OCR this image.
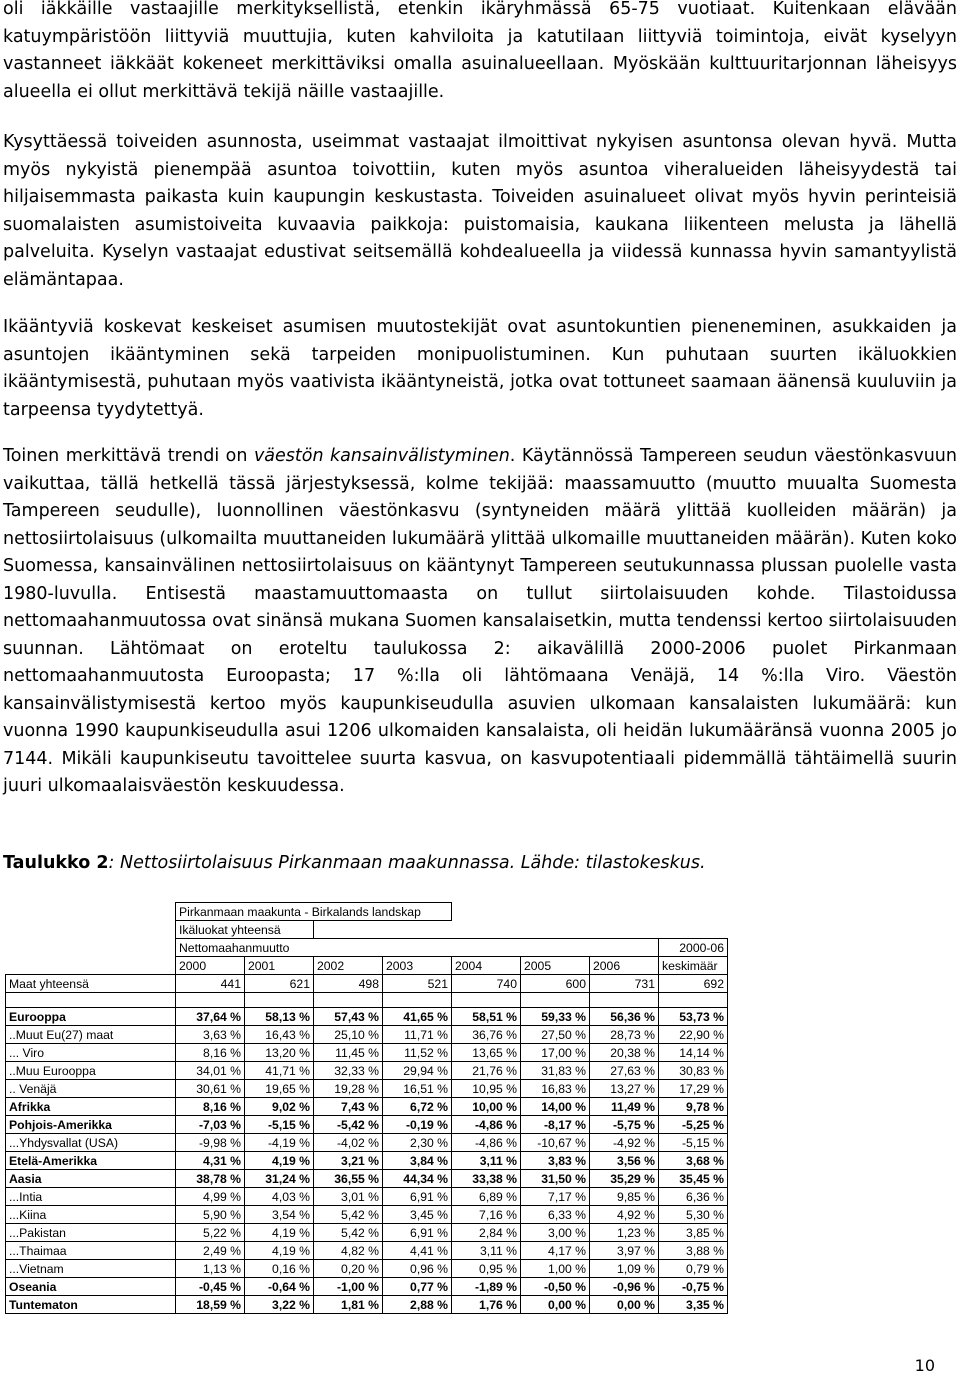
oli iäkkäille vastaajille merkityksellistä, etenkin ikäryhmässä 65-75 vuotiaat. Kuitenkaan elävään katuympäristöön liittyviä muuttujia, kuten kahviloita ja katutilaan liittyviä toimintoja, eivät kyselyyn vastanneet iäkkäät kokeneet merkittäviksi omalla asuinalueellaan. Myöskään kulttuuritarjonnan läheisyys alueella ei ollut merkittävä tekijä näille vastaajille.

Kysyttäessä toiveiden asunnosta, useimmat vastaajat ilmoittivat nykyisen asuntonsa olevan hyvä. Mutta myös nykyistä pienempää asuntoa toivottiin, kuten myös asuntoa viheralueiden läheisyydestä tai hiljaisemmasta paikasta kuin kaupungin keskustasta. Toiveiden asuinalueet olivat myös hyvin perinteisiä suomalaisten asumistoiveita kuvaavia paikkoja: puistomaisia, kaukana liikenteen melusta ja lähellä palveluita. Kyselyn vastaajat edustivat seitsemällä kohdealueella ja viidessä kunnassa hyvin samantyylistä elämäntapaa.

Ikääntyviä koskevat keskeiset asumisen muutostekijät ovat asuntokuntien pieneneminen, asukkaiden ja asuntojen ikääntyminen sekä tarpeiden monipuolistuminen. Kun puhutaan suurten ikäluokkien ikääntymisestä, puhutaan myös vaativista ikääntyneistä, jotka ovat tottuneet saamaan äänensä kuuluviin ja tarpeensa tyydytettyä.

Toinen merkittävä trendi on väestön kansainvälistyminen. Käytännössä Tampereen seudun väestönkasvuun vaikuttaa, tällä hetkellä tässä järjestyksessä, kolme tekijää: maassamuutto (muutto muualta Suomesta Tampereen seudulle), luonnollinen väestönkasvu (syntyneiden määrä ylittää kuolleiden määrän) ja nettosiirtolaisuus (ulkomailta muuttaneiden lukumäärä ylittää ulkomaille muuttaneiden määrän). Kuten koko Suomessa, kansainvälinen nettosiirtolaisuus on kääntynyt Tampereen seutukunnassa plussan puolelle vasta 1980-luvulla. Entisestä maastamuuttomaasta on tullut siirtolaisuuden kohde. Tilastoidussa nettomaahanmuutossa ovat sinänsä mukana Suomen kansalaisetkin, mutta tendenssi kertoo siirtolaisuuden suunnan. Lähtömaat on eroteltu taulukossa 2: aikavälillä 2000-2006 puolet Pirkanmaan nettomaahanmuutosta Euroopasta; 17 %:lla oli lähtömaana Venäjä, 14 %:lla Viro. Väestön kansainvälistymisestä kertoo myös kaupunkiseudulla asuvien ulkomaan kansalaisten lukumäärä: kun vuonna 1990 kaupunkiseudulla asui 1206 ulkomaiden kansalaista, oli heidän lukumääränsä vuonna 2005 jo 7144. Mikäli kaupunkiseutu tavoittelee suurta kasvua, on kasvupotentiaali pidemmällä tähtäimellä suurin juuri ulkomaalaisväestön keskuudessa.

Taulukko 2: Nettosiirtolaisuus Pirkanmaan maakunnassa. Lähde: tilastokeskus.

	Pirkanmaan maakunta - Birkalands landskap							
	Ikäluokat yhteensä							
	Nettomaahanmuutto							2000-06
	2000	2001	2002	2003	2004	2005	2006	keskimäär
Maat yhteensä	441	621	498	521	740	600	731	692

Eurooppa	37,64 %	58,13 %	57,43 %	41,65 %	58,51 %	59,33 %	56,36 %	53,73 %
..Muut Eu(27) maat	3,63 %	16,43 %	25,10 %	11,71 %	36,76 %	27,50 %	28,73 %	22,90 %
... Viro	8,16 %	13,20 %	11,45 %	11,52 %	13,65 %	17,00 %	20,38 %	14,14 %
..Muu Eurooppa	34,01 %	41,71 %	32,33 %	29,94 %	21,76 %	31,83 %	27,63 %	30,83 %
.. Venäjä	30,61 %	19,65 %	19,28 %	16,51 %	10,95 %	16,83 %	13,27 %	17,29 %
Afrikka	8,16 %	9,02 %	7,43 %	6,72 %	10,00 %	14,00 %	11,49 %	9,78 %
Pohjois-Amerikka	-7,03 %	-5,15 %	-5,42 %	-0,19 %	-4,86 %	-8,17 %	-5,75 %	-5,25 %
...Yhdysvallat (USA)	-9,98 %	-4,19 %	-4,02 %	2,30 %	-4,86 %	-10,67 %	-4,92 %	-5,15 %
Etelä-Amerikka	4,31 %	4,19 %	3,21 %	3,84 %	3,11 %	3,83 %	3,56 %	3,68 %
Aasia	38,78 %	31,24 %	36,55 %	44,34 %	33,38 %	31,50 %	35,29 %	35,45 %
...Intia	4,99 %	4,03 %	3,01 %	6,91 %	6,89 %	7,17 %	9,85 %	6,36 %
...Kiina	5,90 %	3,54 %	5,42 %	3,45 %	7,16 %	6,33 %	4,92 %	5,30 %
...Pakistan	5,22 %	4,19 %	5,42 %	6,91 %	2,84 %	3,00 %	1,23 %	3,85 %
...Thaimaa	2,49 %	4,19 %	4,82 %	4,41 %	3,11 %	4,17 %	3,97 %	3,88 %
...Vietnam	1,13 %	0,16 %	0,20 %	0,96 %	0,95 %	1,00 %	1,09 %	0,79 %
Oseania	-0,45 %	-0,64 %	-1,00 %	0,77 %	-1,89 %	-0,50 %	-0,96 %	-0,75 %
Tuntematon	18,59 %	3,22 %	1,81 %	2,88 %	1,76 %	0,00 %	0,00 %	3,35 %
10
